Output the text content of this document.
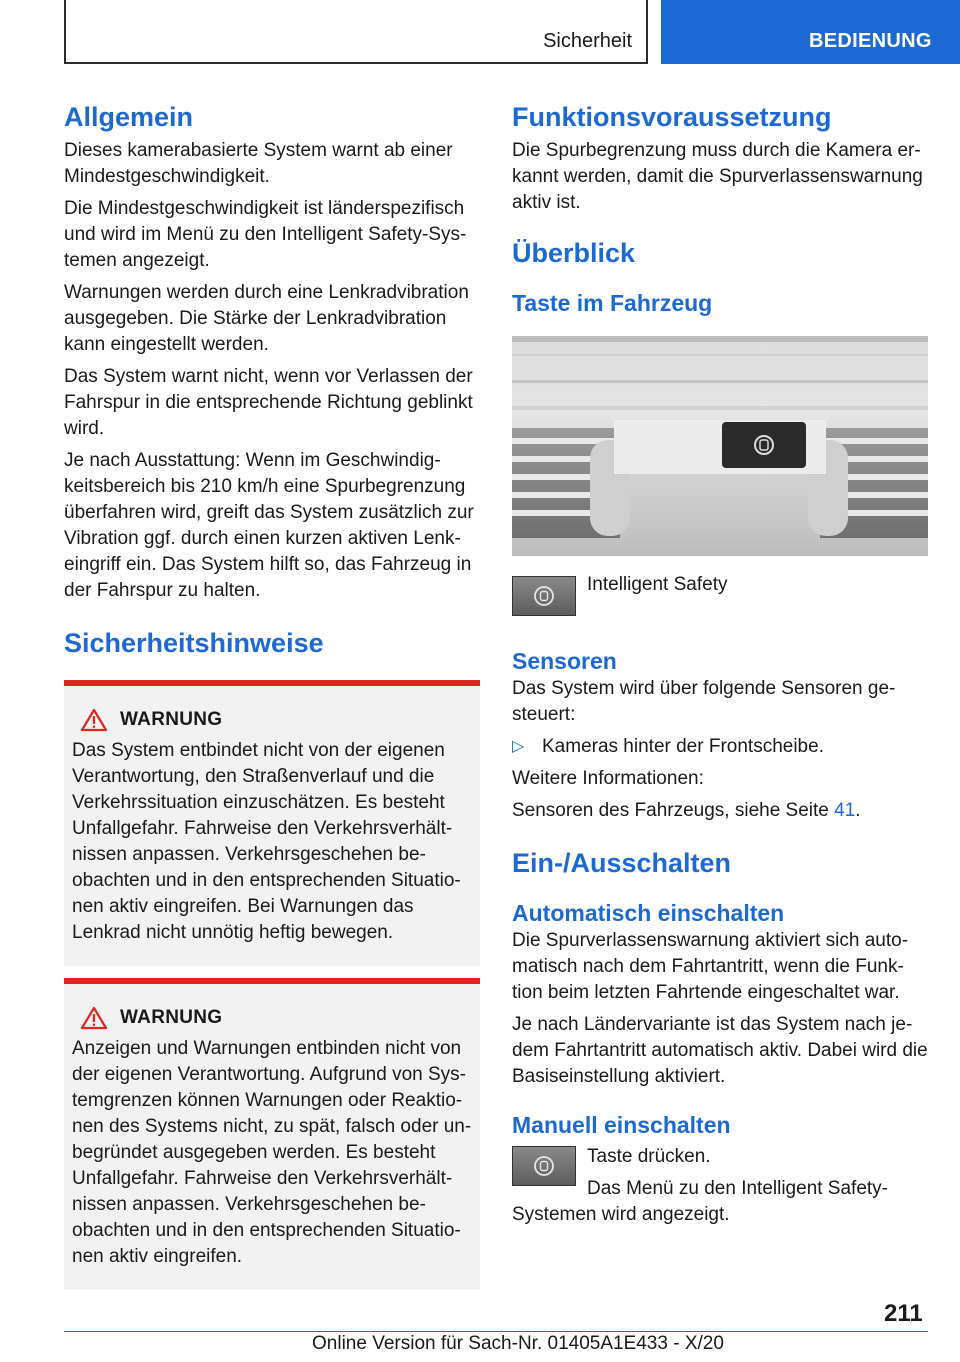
Sicherheit	BEDIENUNG
Allgemein

Dieses kamerabasierte System warnt ab einer Mindestgeschwindigkeit.

Die Mindestgeschwindigkeit ist länderspezifisch und wird im Menü zu den Intelligent Safety-Systemen angezeigt.

Warnungen werden durch eine Lenkradvibration ausgegeben. Die Stärke der Lenkradvibration kann eingestellt werden.

Das System warnt nicht, wenn vor Verlassen der Fahrspur in die entsprechende Richtung geblinkt wird.

Je nach Ausstattung: Wenn im Geschwindigkeitsbereich bis 210 km/h eine Spurbegrenzung überfahren wird, greift das System zusätzlich zur Vibration ggf. durch einen kurzen aktiven Lenkeingriff ein. Das System hilft so, das Fahrzeug in der Fahrspur zu halten.

Sicherheitshinweise
WARNUNG

Das System entbindet nicht von der eigenen Verantwortung, den Straßenverlauf und die Verkehrssituation einzuschätzen. Es besteht Unfallgefahr. Fahrweise den Verkehrsverhältnissen anpassen. Verkehrsgeschehen beobachten und in den entsprechenden Situationen aktiv eingreifen. Bei Warnungen das Lenkrad nicht unnötig heftig bewegen.

WARNUNG

Anzeigen und Warnungen entbinden nicht von der eigenen Verantwortung. Aufgrund von Systemgrenzen können Warnungen oder Reaktionen des Systems nicht, zu spät, falsch oder unbegründet ausgegeben werden. Es besteht Unfallgefahr. Fahrweise den Verkehrsverhältnissen anpassen. Verkehrsgeschehen beobachten und in den entsprechenden Situationen aktiv eingreifen.

Funktionsvoraussetzung

Die Spurbegrenzung muss durch die Kamera erkannt werden, damit die Spurverlassenswarnung aktiv ist.

Überblick
Taste im Fahrzeug

Intelligent Safety

Sensoren

Das System wird über folgende Sensoren gesteuert:

▷ Kameras hinter der Frontscheibe.

Weitere Informationen:

Sensoren des Fahrzeugs, siehe Seite 41.

Ein-/Ausschalten
Automatisch einschalten

Die Spurverlassenswarnung aktiviert sich automatisch nach dem Fahrtantritt, wenn die Funktion beim letzten Fahrtende eingeschaltet war.

Je nach Ländervariante ist das System nach jedem Fahrtantritt automatisch aktiv. Dabei wird die Basiseinstellung aktiviert.

Manuell einschalten

Taste drücken.

Das Menü zu den Intelligent Safety-Systemen wird angezeigt.

211
Online Version für Sach-Nr. 01405A1E433 - X/20
